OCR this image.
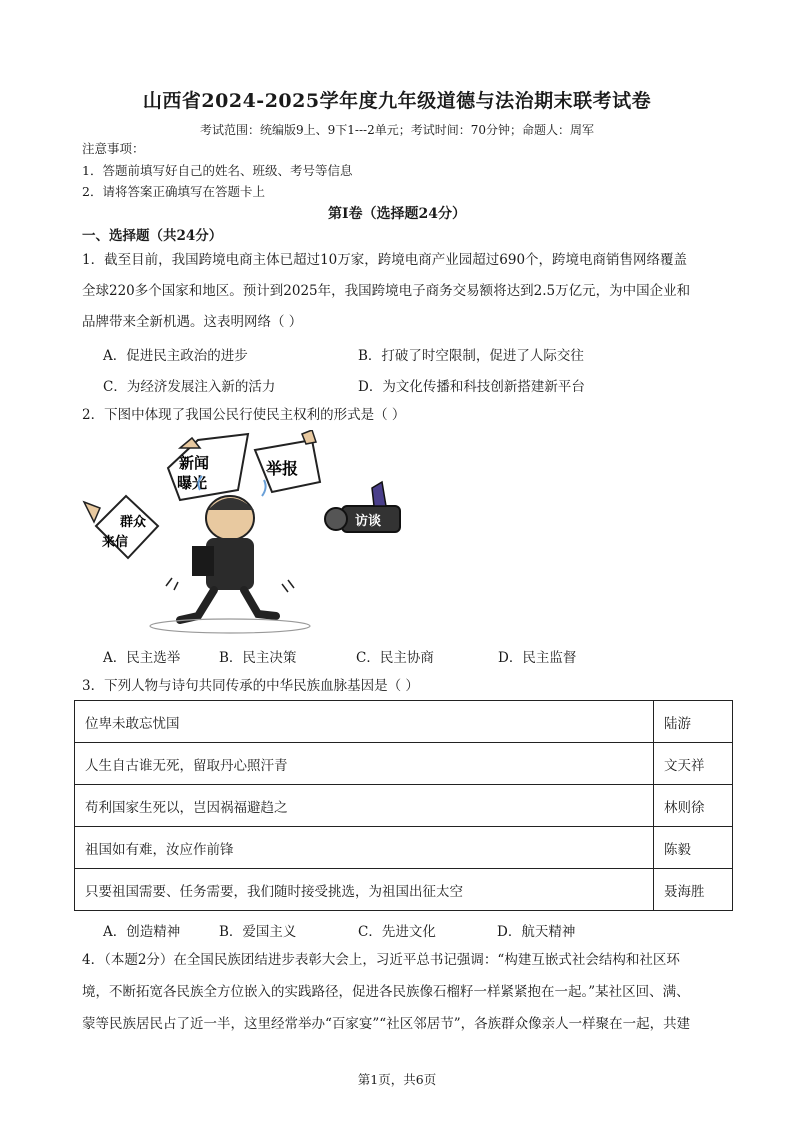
山西省2024-2025学年度九年级道德与法治期末联考试卷
考试范围：统编版9上、9下1---2单元；考试时间：70分钟；命题人：周军
注意事项：
1．答题前填写好自己的姓名、班级、考号等信息
2．请将答案正确填写在答题卡上
第I卷（选择题24分）
一、选择题（共24分）
1．截至目前，我国跨境电商主体已超过10万家，跨境电商产业园超过690个，跨境电商销售网络覆盖
全球220多个国家和地区。预计到2025年，我国跨境电子商务交易额将达到2.5万亿元，为中国企业和
品牌带来全新机遇。这表明网络（ ）
A．促进民主政治的进步	B．打破了时空限制，促进了人际交往
C．为经济发展注入新的活力	D．为文化传播和科技创新搭建新平台
2．下图中体现了我国公民行使民主权利的形式是（ ）
新闻
曝光
举报
群众
来信
访谈
A．民主选举	B．民主决策	C．民主协商	D．民主监督
3．下列人物与诗句共同传承的中华民族血脉基因是（ ）
位卑未敢忘忧国	陆游
人生自古谁无死，留取丹心照汗青	文天祥
苟利国家生死以，岂因祸福避趋之	林则徐
祖国如有难，汝应作前锋	陈毅
只要祖国需要、任务需要，我们随时接受挑选，为祖国出征太空	聂海胜
A．创造精神	B．爱国主义	C．先进文化	D．航天精神
4．（本题2分）在全国民族团结进步表彰大会上，习近平总书记强调：“构建互嵌式社会结构和社区环
境，不断拓宽各民族全方位嵌入的实践路径，促进各民族像石榴籽一样紧紧抱在一起。”某社区回、满、
蒙等民族居民占了近一半，这里经常举办“百家宴”“社区邻居节”，各族群众像亲人一样聚在一起，共建
第1页，共6页
